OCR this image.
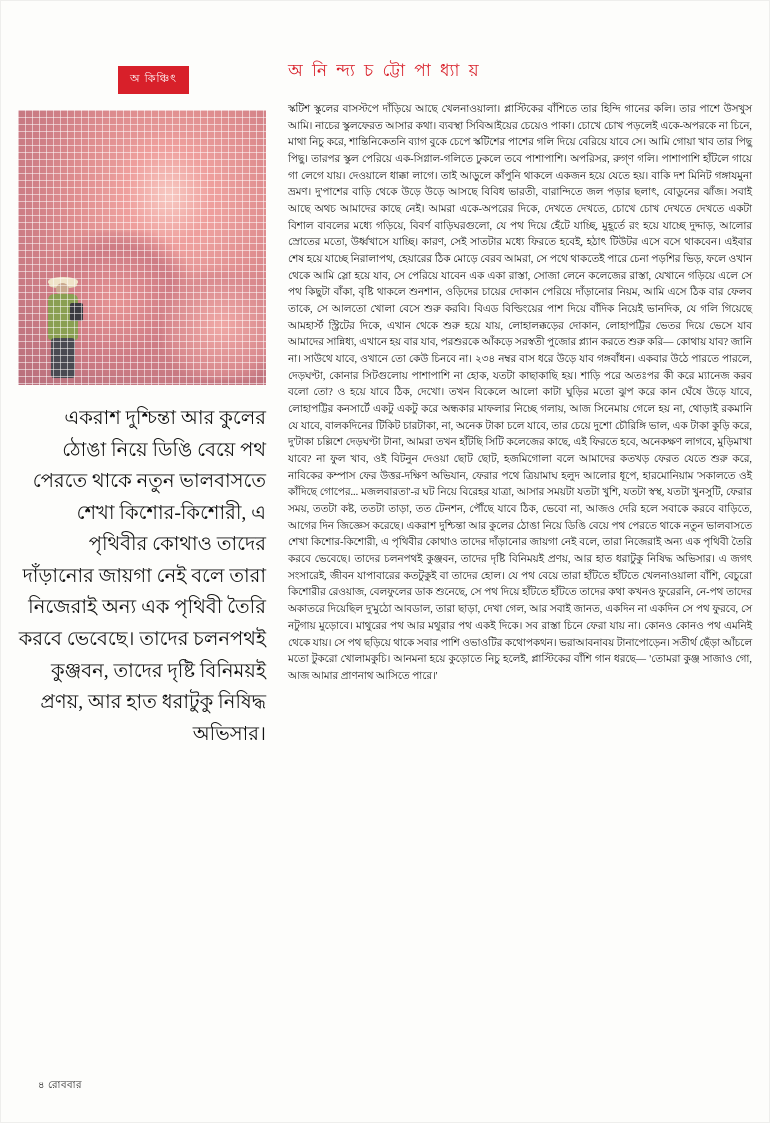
অ কিঞ্চিৎ
একরাশ দুশ্চিন্তা আর কুলের ঠোঙা নিয়ে ডিঙি বেয়ে পথ পেরতে থাকে নতুন ভালবাসতে শেখা কিশোর-কিশোরী, এ পৃথিবীর কোথাও তাদের দাঁড়ানোর জায়গা নেই বলে তারা নিজেরাই অন্য এক পৃথিবী তৈরি করবে ভেবেছে। তাদের চলনপথই কুঞ্জবন, তাদের দৃষ্টি বিনিময়ই প্রণয়, আর হাত ধরাটুকু নিষিদ্ধ অভিসার।
অ নি ন্দ্য চ ট্টো পা ধ্যা য়

স্কটিশ স্কুলের বাসস্টপে দাঁড়িয়ে আছে খেলনাওয়ালা। প্লাস্টিকের বাঁশিতে তার হিন্দি গানের কলি। তার পাশে উসখুস আমি। নাচের স্কুলফেরত আসার কথা। ব্যবস্থা সিবিআইয়ের চেয়েও পাকা। চোখে চোখ পড়লেই একে-অপরকে না চিনে, মাথা নিচু করে, শান্তিনিকেতনি ব্যাগ বুকে চেপে স্কটিশের পাশের গলি দিয়ে বেরিয়ে যাবে সে। আমি গোয়া খাব তার পিছু পিছু। তারপর স্কুল পেরিয়ে এক-সিগ্নাল-গলিতে ঢুকলে তবে পাশাপাশি। অপরিসর, রুগ্ণ গলি। পাশাপাশি হাঁটলে গায়ে গা লেগে যায়। দেওয়ালে ধাক্কা লাগে। তাই আড়ুলে কাঁপুনি থাকলে একজন হয়ে যেতে হয়। বাকি দশ মিনিট গঙ্গাযমুনা ভ্রমণ। দু'পাশের বাড়ি থেকে উড়ে উড়ে আসছে বিবিধ ভারতী, বারান্দিতে জল পড়ার ছলাৎ, বোডুনের ঝাঁজ। সবাই আছে অথচ আমাদের কাছে নেই। আমরা একে-অপরের দিকে, দেখতে দেখতে, চোখে চোখ দেখতে দেখতে একটা বিশাল বাবলের মধ্যে গড়িয়ে, বিবর্ণ বাড়িঘরগুলো, যে পথ দিয়ে হেঁটে যাচ্ছি, মুহূর্তে রং হয়ে যাচ্ছে দুদ্দাড়, আলোর স্রোতের মতো, উর্ধ্বখাসে যাচ্ছি। কারণ, সেই সাতটার মধ্যে ফিরতে হবেই, হঠাৎ টিউটর এসে বসে থাকবেন। এইবার শেষ হয়ে যাচ্ছে নিরালাপথ, হেয়ারের ঠিক মোড়ে বেরব আমরা, সে পথে থাকতেই পারে চেনা পড়শির ভিড়, ফলে ওখান থেকে আমি স্লো হয়ে যাব, সে পেরিয়ে যাবেন এক একা রাস্তা, সোজা লেনে কলেজের রাস্তা, যেখানে গড়িয়ে এলে সে পথ কিছুটা বাঁকা, বৃষ্টি থাকলে শুনশান, ওড়িদের চায়ের দোকান পেরিয়ে দাঁড়ানোর নিয়ম, আমি এসে ঠিক বার ফেলব তাকে, সে আলতো খোলা বেসে শুরু করবি। বিএড বিল্ডিংয়ের পাশ দিয়ে বাঁদিক নিয়েই ভানদিক, যে গলি গিয়েছে আমহার্স্ট স্ট্রিটের দিকে, এখান থেকে শুরু হয়ে যায়, লোহালক্কড়ের দোকান, লোহাপট্টির ভেতর দিয়ে ভেসে যাব আমাদের সান্নিধ্য, এখানে হয় বার যাব, পরশুরকে আঁকড়ে সরস্বতী পুজোর প্ল্যান করতে শুরু করি— কোথায় যাব? জানি না। সাউথে যাবে, ওখানে তো কেউ চিনবে না। ২৩৪ নম্বর বাস ধরে উড়ে যাব গঙ্গবাঁধন। একবার উঠে পারতে পারলে, দেড়ঘণ্টা, কোনার সিটগুলোয় পাশাপাশি না হোক, যতটা কাছাকাছি হয়। শাড়ি পরে অতঃপর কী করে ম্যানেজ করব বলো তো? ও হয়ে যাবে ঠিক, দেখো। তখন বিকেলে আলো কাটা ঘুড়ির মতো ঝুপ করে কান ঘেঁষে উড়ে যাবে, লোহাপট্টির কনসার্টে একটু একটু করে অন্ধকার মাফলার নিচ্ছে গলায়, আজ সিনেমায় গেলে হয় না, থোড়াই রকমানি যে যাবে, বালকদিনের টিকিট চারটাকা, না, অনেক টাকা চলে যাবে, তার চেয়ে দুশো চৌরিঙ্গি ভাল, এক টাকা কুড়ি করে, দু'টাকা চল্লিশে দেড়ঘণ্টা টানা, আমরা তখন হাঁটছি সিটি কলেজের কাছে, এই ফিরতে হবে, অনেকক্ষণ লাগবে, মুড়িমাখা যাবে? না ফুল খাব, ওই বিটনুন দেওয়া ছোট ছোট, হজমিগোলা বলে আমাদের কতখড় ফেরত যেতে শুরু করে, নাবিকের কম্পাস ফের উত্তর-দক্ষিণ অভিযান, ফেরার পথে ত্রিয়ামাঘ হলুদ আলোর ধূপে, হারমোনিয়াম 'সকালতে ওই কাঁদিছে গোপের... মজলবারতা'-র ঘট নিয়ে বিরেহর যাত্রা, আসার সময়টা যতটা খুশি, যতটা স্বস্থ, যতটা খুনসুটি, ফেরার সময়, ততটা কষ্ট, ততটা তাড়া, তত টেনশন, পৌঁছে যাবে ঠিক, ভেবো না, আজও দেরি হলে সবাকে করবে বাড়িতে, আগের দিন জিজ্ঞেস করেছে। একরাশ দুশ্চিন্তা আর কুলের ঠোঙা নিয়ে ডিঙি বেয়ে পথ পেরতে থাকে নতুন ভালবাসতে শেখা কিশোর-কিশোরী, এ পৃথিবীর কোথাও তাদের দাঁড়ানোর জায়গা নেই বলে, তারা নিজেরাই অন্য এক পৃথিবী তৈরি করবে ভেবেছে। তাদের চলনপথই কুঞ্জবন, তাদের দৃষ্টি বিনিময়ই প্রণয়, আর হাত ধরাটুকু নিষিদ্ধ অভিসার। এ জগৎ সংসারেই, জীবন যাপাবারের কতটুকুই বা তাদের হোল। যে পথ বেয়ে তারা হাঁটতে হাঁটতে খেলনাওয়ালা বাঁশি, বেচুরো কিশোরীর রেওয়াজ, বেলফুলের ডাক শুনেছে, সে পথ দিয়ে হাঁটতে হাঁটতে তাদের কথা কখনও ফুরেরনি, নে-পথ তাদের অকাতরে দিয়েছিল দু'মুঠো আবডাল, তারা ছাড়া, দেখা গেল, আর সবাই জানত, একদিন না একদিন সে পথ ফুরবে, সে নটুগায় মুড়োবে। মাথুরের পথ আর মথুরার পথ একই দিকে। সব রাস্তা চিনে ফেরা যায় না। কোনও কোনও পথ এমনিই থেকে যায়। সে পথ ছড়িয়ে থাকে সবার পাশি ওভাওটির কথোপকথন। ভরাআবনাবয় টানাপোড়েন। সতীর্থ ছেঁড়া আঁচলে মতো টুকরো খোলামকুচি। আনমনা হয়ে কুড়োতে নিচু হলেই, প্লাস্টিকের বাঁশি গান ধরছে— 'তোমরা কুঞ্জ সাজাও গো, আজ আমার প্রাণনাথ আসিতে পারে।'

৪ রোববার
